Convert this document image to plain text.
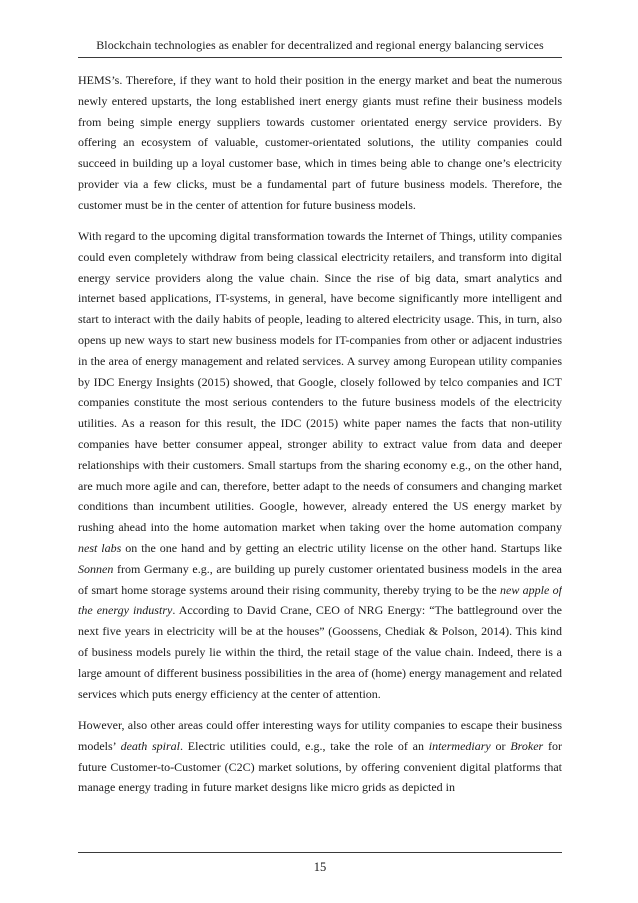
Blockchain technologies as enabler for decentralized and regional energy balancing services

HEMS’s. Therefore, if they want to hold their position in the energy market and beat the numerous newly entered upstarts, the long established inert energy giants must refine their business models from being simple energy suppliers towards customer orientated energy service providers. By offering an ecosystem of valuable, customer-orientated solutions, the utility companies could succeed in building up a loyal customer base, which in times being able to change one’s electricity provider via a few clicks, must be a fundamental part of future business models. Therefore, the customer must be in the center of attention for future business models.

With regard to the upcoming digital transformation towards the Internet of Things, utility companies could even completely withdraw from being classical electricity retailers, and transform into digital energy service providers along the value chain. Since the rise of big data, smart analytics and internet based applications, IT-systems, in general, have become significantly more intelligent and start to interact with the daily habits of people, leading to altered electricity usage. This, in turn, also opens up new ways to start new business models for IT-companies from other or adjacent industries in the area of energy management and related services. A survey among European utility companies by IDC Energy Insights (2015) showed, that Google, closely followed by telco companies and ICT companies constitute the most serious contenders to the future business models of the electricity utilities. As a reason for this result, the IDC (2015) white paper names the facts that non-utility companies have better consumer appeal, stronger ability to extract value from data and deeper relationships with their customers. Small startups from the sharing economy e.g., on the other hand, are much more agile and can, therefore, better adapt to the needs of consumers and changing market conditions than incumbent utilities. Google, however, already entered the US energy market by rushing ahead into the home automation market when taking over the home automation company nest labs on the one hand and by getting an electric utility license on the other hand. Startups like Sonnen from Germany e.g., are building up purely customer orientated business models in the area of smart home storage systems around their rising community, thereby trying to be the new apple of the energy industry. According to David Crane, CEO of NRG Energy: “The battleground over the next five years in electricity will be at the houses” (Goossens, Chediak & Polson, 2014). This kind of business models purely lie within the third, the retail stage of the value chain. Indeed, there is a large amount of different business possibilities in the area of (home) energy management and related services which puts energy efficiency at the center of attention.

However, also other areas could offer interesting ways for utility companies to escape their business models’ death spiral. Electric utilities could, e.g., take the role of an intermediary or Broker for future Customer-to-Customer (C2C) market solutions, by offering convenient digital platforms that manage energy trading in future market designs like micro grids as depicted in

15
